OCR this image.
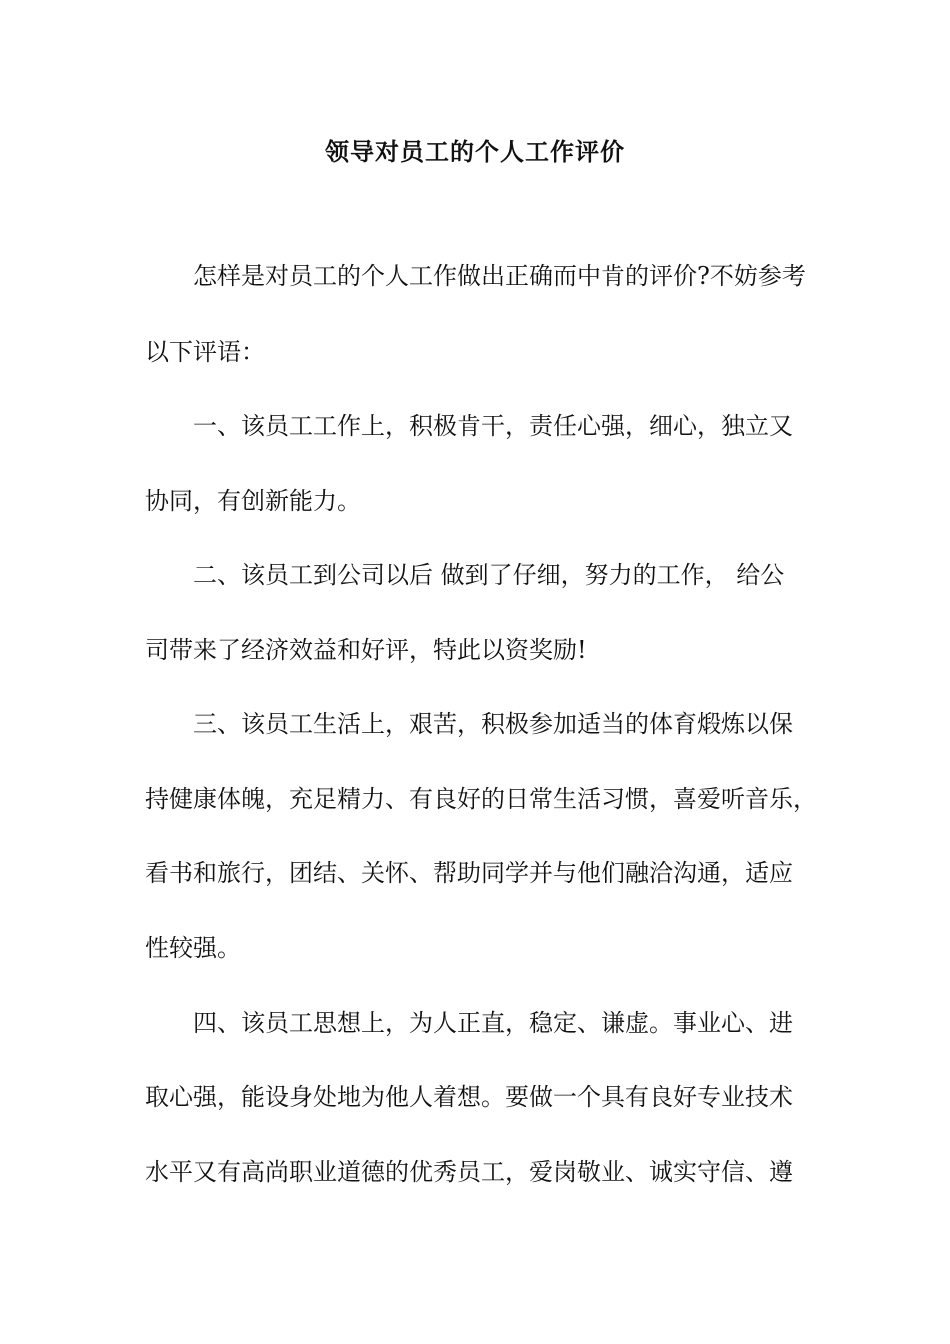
领导对员工的个人工作评价

怎样是对员工的个人工作做出正确而中肯的评价?不妨参考

以下评语：

一、该员工工作上，积极肯干，责任心强，细心，独立又

协同，有创新能力。

二、该员工到公司以后 做到了仔细，努力的工作， 给公

司带来了经济效益和好评，特此以资奖励!

三、该员工生活上，艰苦，积极参加适当的体育煅炼以保

持健康体魄，充足精力、有良好的日常生活习惯，喜爱听音乐，

看书和旅行，团结、关怀、帮助同学并与他们融洽沟通，适应

性较强。

四、该员工思想上，为人正直，稳定、谦虚。事业心、进

取心强，能设身处地为他人着想。要做一个具有良好专业技术

水平又有高尚职业道德的优秀员工，爱岗敬业、诚实守信、遵
